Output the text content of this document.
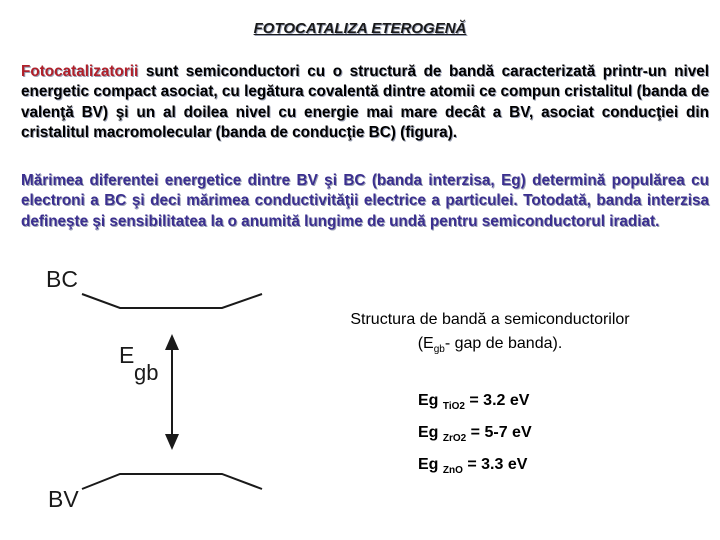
FOTOCATALIZA ETEROGENĂ
Fotocatalizatorii sunt semiconductori cu o structură de bandă caracterizată printr-un nivel energetic compact asociat, cu legătura covalentă dintre atomii ce compun cristalitul (banda de valenţă BV) şi un al doilea nivel cu energie mai mare decât a BV, asociat conducţiei din cristalitul macromolecular (banda de conducţie BC) (figura).
Mărimea diferentei energetice dintre BV şi BC (banda interzisa, Eg) determină populărea cu electroni a BC şi deci mărimea conductivităţii electrice a particulei. Totodată, banda interzisa defineşte şi sensibilitatea la o anumită lungime de undă pentru semiconductorul iradiat.
BC
E
gb
BV
Structura de bandă a semiconductorilor
($E_{gb}-$ gap de banda).
Eg $_{TiO2}$ = 3.2 eV
Eg $_{ZrO2}$ = 5-7 eV
Eg $_{ZnO}$ = 3.3 eV
